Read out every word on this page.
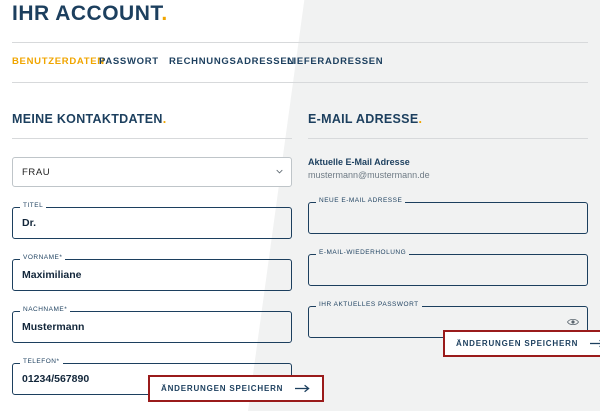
IHR ACCOUNT.
BENUTZERDATEN
PASSWORT RECHNUNGSADRESSEN
LIEFERADRESSEN
MEINE KONTAKTDATEN.
FRAU
TITEL
Dr.
VORNAME*
Maximiliane
NACHNAME*
Mustermann
TELEFON*
01234/567890
E-MAIL ADRESSE.
Aktuelle E-Mail Adresse
mustermann@mustermann.de
NEUE E-MAIL ADRESSE
E-MAIL-WIEDERHOLUNG
IHR AKTUELLES PASSWORT
ÄNDERUNGEN SPEICHERN
ÄNDERUNGEN SPEICHERN
